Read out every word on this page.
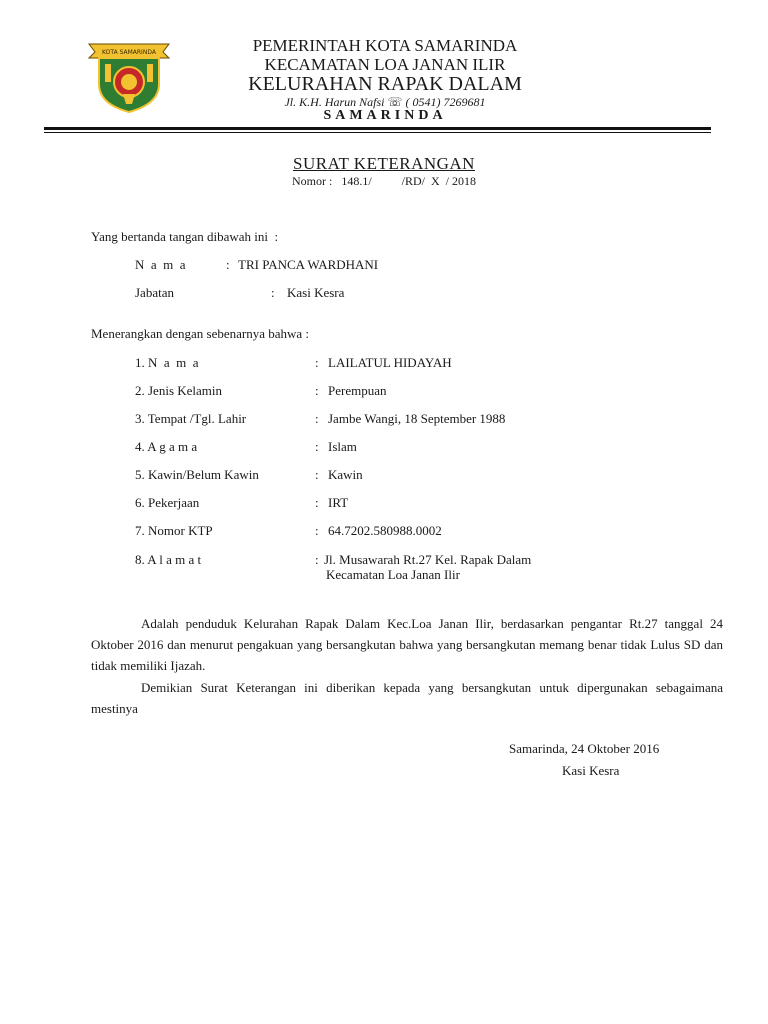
KOTA SAMARINDA	PEMERINTAH KOTA SAMARINDA
KECAMATAN LOA JANAN ILIR
KELURAHAN RAPAK DALAM
Jl. K.H. Harun Nafsi ☏ ( 0541) 7269681
SAMARINDA
SURAT KETERANGAN
Nomor :   148.1/          /RD/  X  / 2018
Yang bertanda tangan dibawah ini  :
N  a  m  a	: TRI PANCA WARDHANI
Jabatan	: Kasi Kesra
Menerangkan dengan sebenarnya bahwa :
1. N  a  m  a	: LAILATUL HIDAYAH
2. Jenis Kelamin	: Perempuan
3. Tempat /Tgl. Lahir	: Jambe Wangi, 18 September 1988
4. A g a m a	: Islam
5. Kawin/Belum Kawin	: Kawin
6. Pekerjaan	: IRT
7. Nomor KTP	: 64.7202.580988.0002
8. A l a m a t	: Jl. Musawarah Rt.27 Kel. Rapak Dalam
Kecamatan Loa Janan Ilir
Adalah penduduk Kelurahan Rapak Dalam Kec.Loa Janan Ilir, berdasarkan pengantar Rt.27 tanggal 24 Oktober 2016 dan menurut pengakuan yang bersangkutan bahwa yang bersangkutan memang benar tidak Lulus SD dan tidak memiliki Ijazah.
Demikian Surat Keterangan ini diberikan kepada yang bersangkutan untuk dipergunakan sebagaimana mestinya
Samarinda, 24 Oktober 2016
Kasi Kesra
